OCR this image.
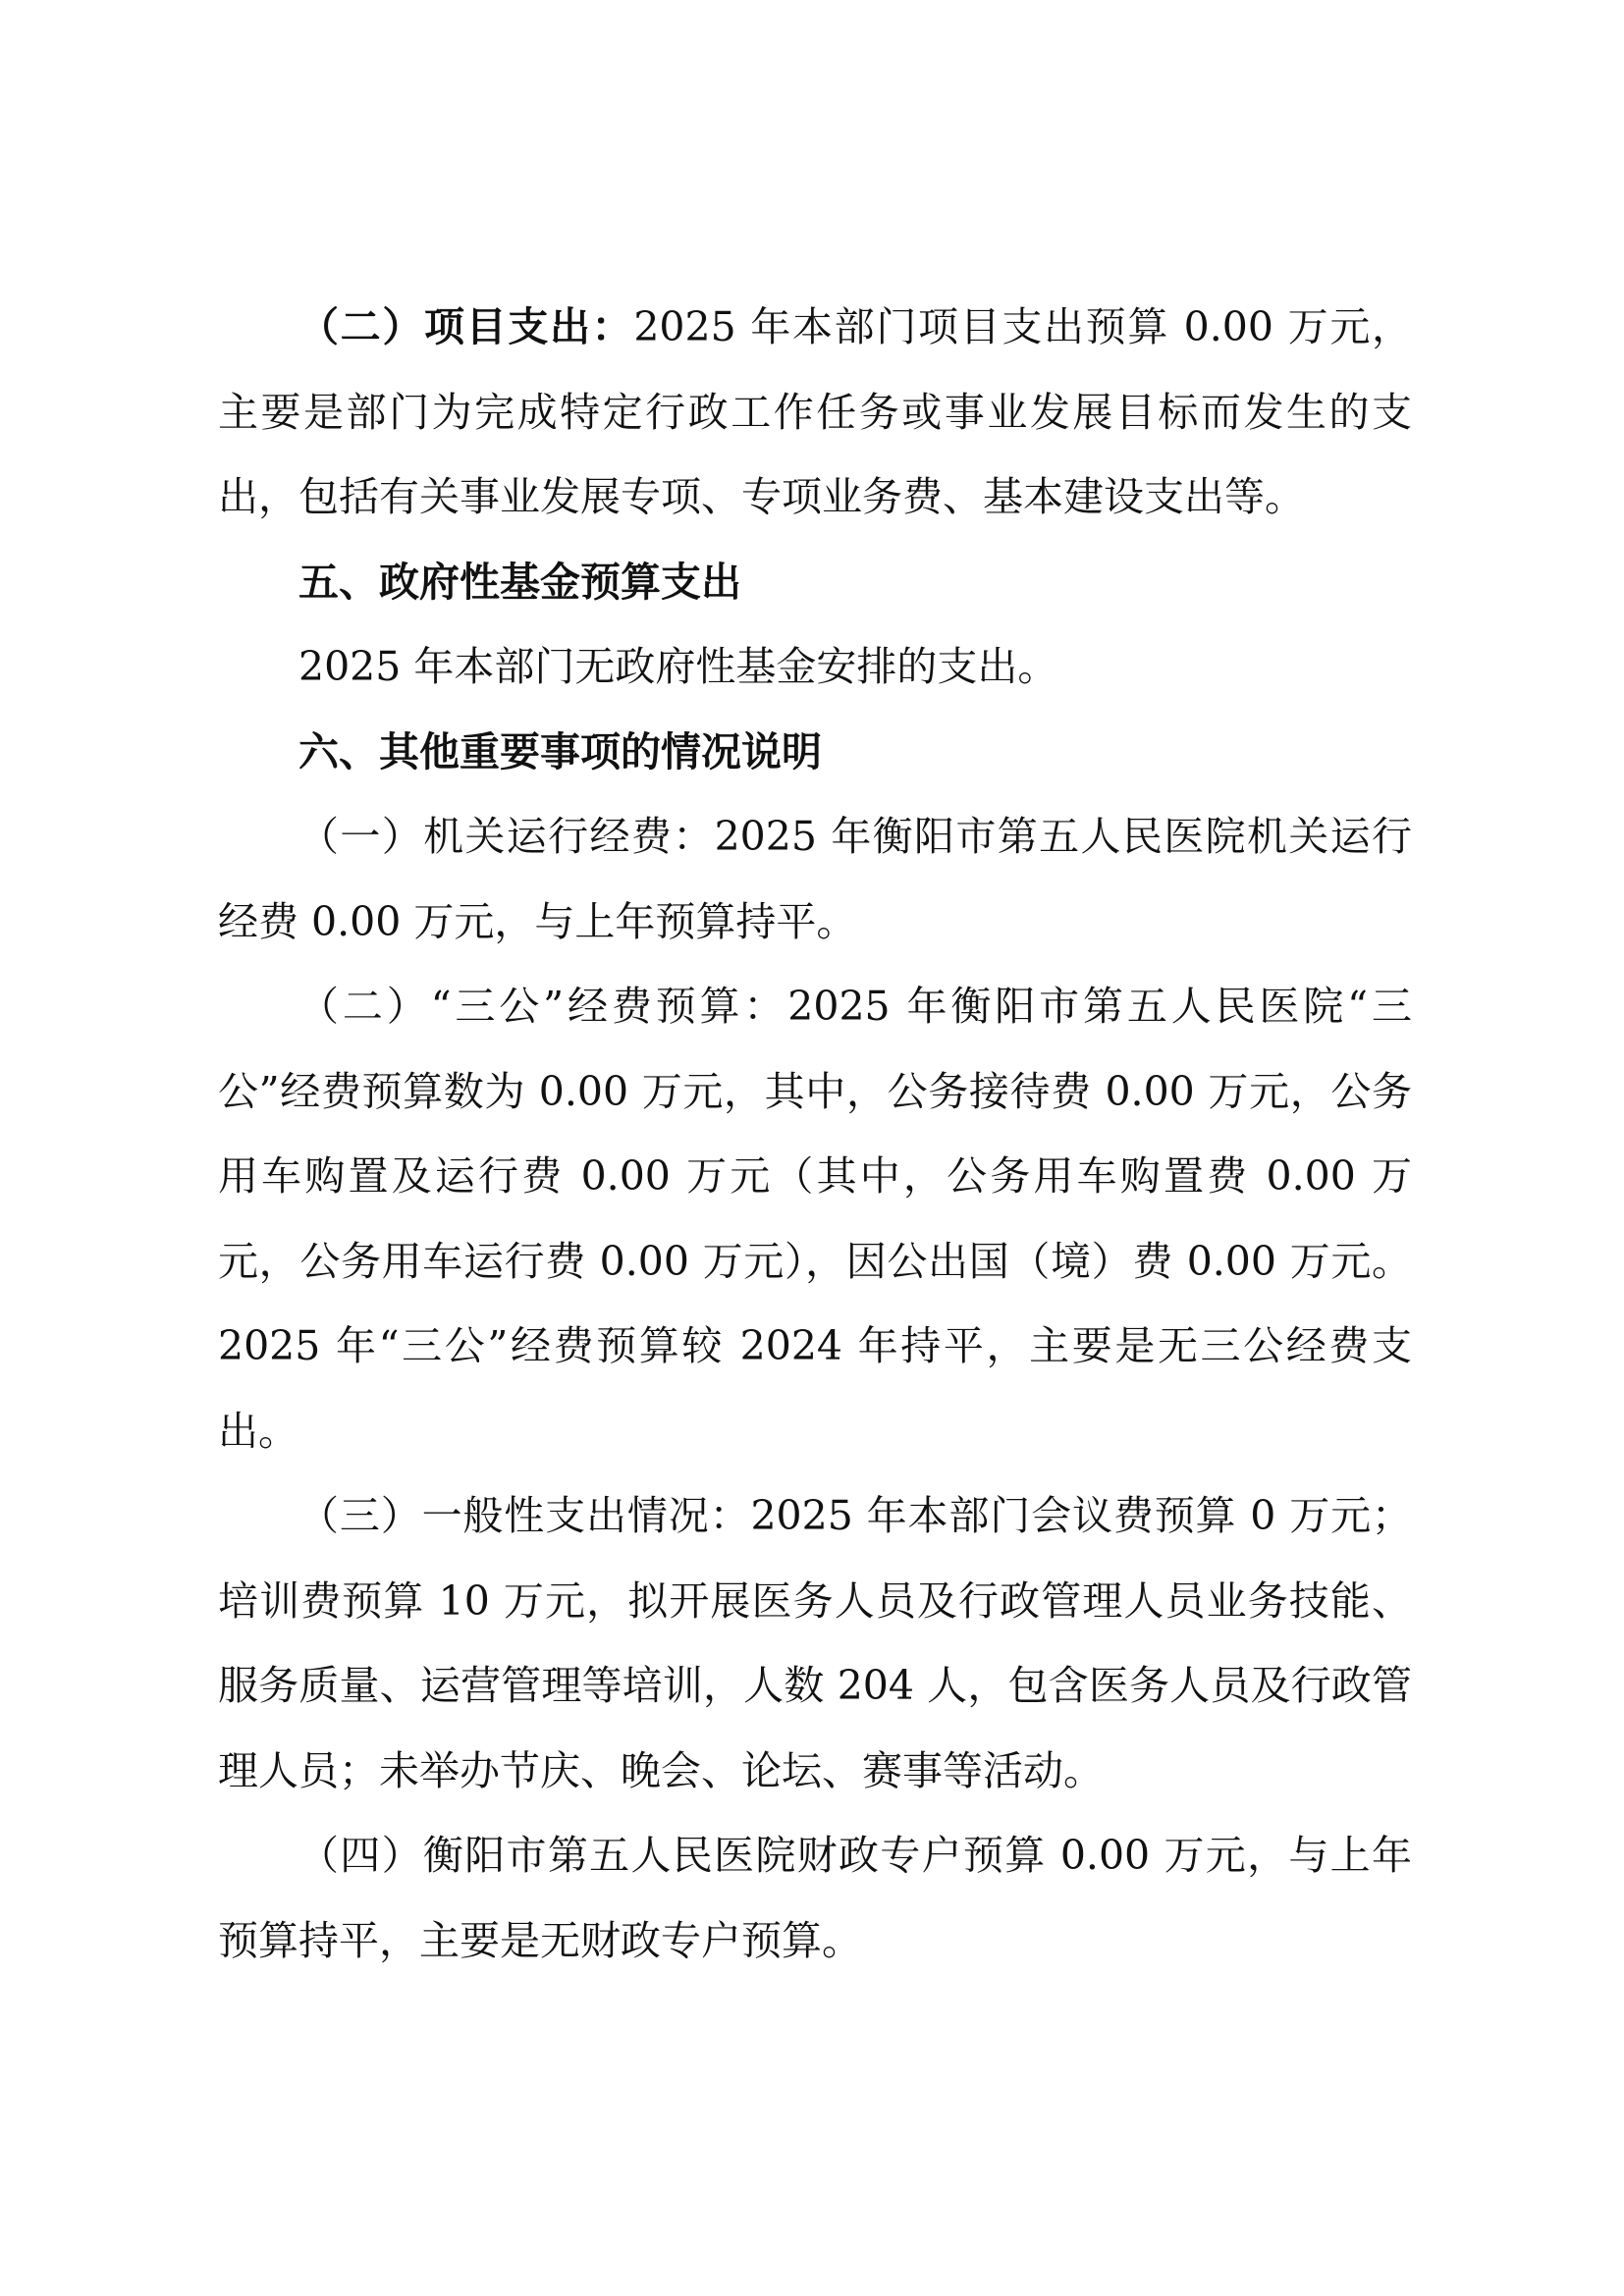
（二）项目支出：2025 年本部门项目支出预算 0.00 万元，主要是部门为完成特定行政工作任务或事业发展目标而发生的支出，包括有关事业发展专项、专项业务费、基本建设支出等。

五、政府性基金预算支出

2025 年本部门无政府性基金安排的支出。

六、其他重要事项的情况说明

（一）机关运行经费：2025 年衡阳市第五人民医院机关运行经费 0.00 万元，与上年预算持平。

（二）“三公”经费预算：2025 年衡阳市第五人民医院“三公”经费预算数为 0.00 万元，其中，公务接待费 0.00 万元，公务用车购置及运行费 0.00 万元（其中，公务用车购置费 0.00 万元，公务用车运行费 0.00 万元），因公出国（境）费 0.00 万元。2025 年“三公”经费预算较 2024 年持平，主要是无三公经费支出。

（三）一般性支出情况：2025 年本部门会议费预算 0 万元；培训费预算 10 万元，拟开展医务人员及行政管理人员业务技能、服务质量、运营管理等培训，人数 204 人，包含医务人员及行政管理人员；未举办节庆、晚会、论坛、赛事等活动。

（四）衡阳市第五人民医院财政专户预算 0.00 万元，与上年预算持平，主要是无财政专户预算。
